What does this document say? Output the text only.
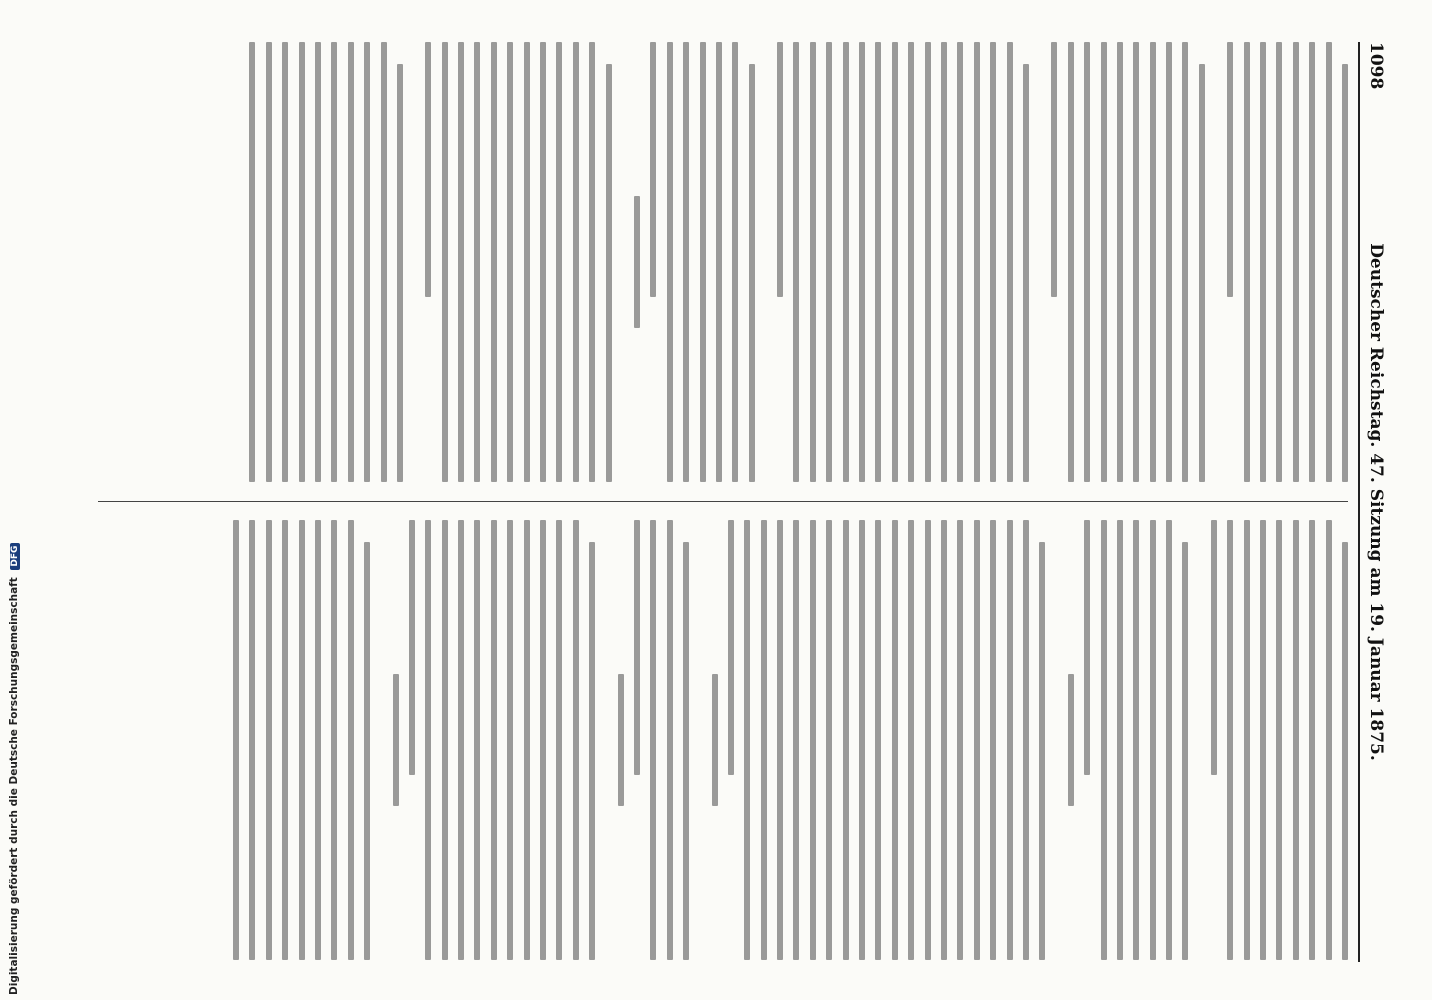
Digitalisierung gefördert durch die Deutsche Forschungsgemeinschaft DFG
1098
Deutscher Reichstag. 47. Sitzung am 19. Januar 1875.
